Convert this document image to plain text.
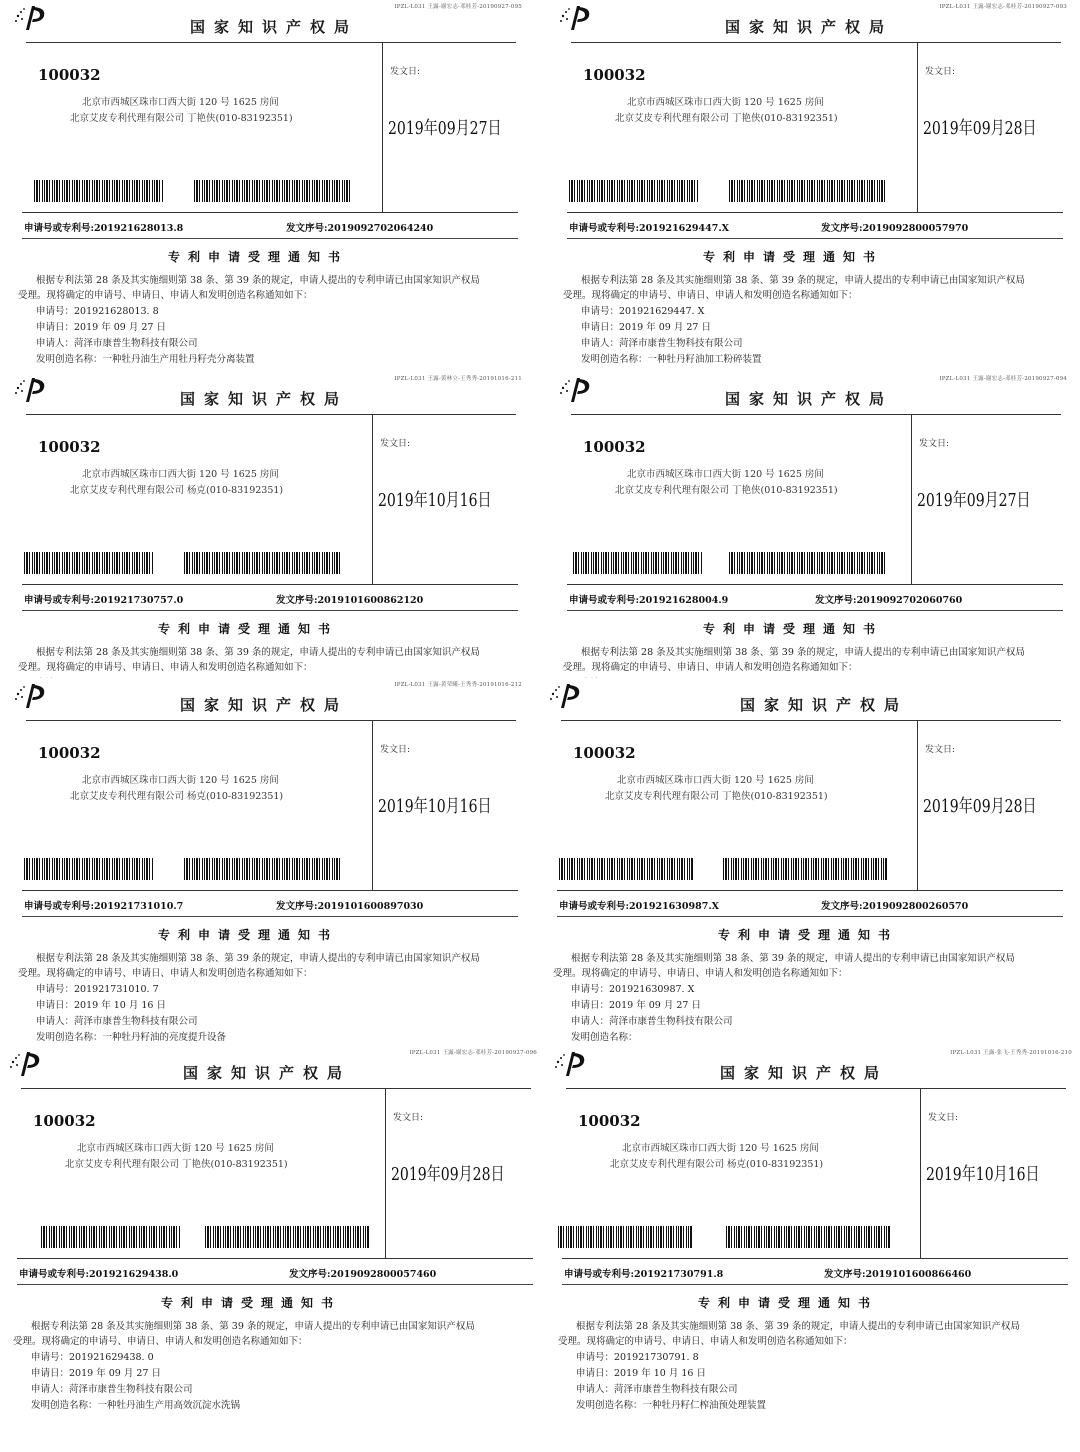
IPZL-L031 王露-谢宏志-邓桂芳-20190927-095
国家知识产权局
100032
北京市西城区珠市口西大街 120 号 1625 房间
北京艾皮专利代理有限公司 丁艳侠(010-83192351)
发文日:
2019年09月27日
申请号或专利号:201921628013.8	发文序号:2019092702064240
专利申请受理通知书
根据专利法第 28 条及其实施细则第 38 条、第 39 条的规定，申请人提出的专利申请已由国家知识产权局
受理。现将确定的申请号、申请日、申请人和发明创造名称通知如下：
申请号：201921628013. 8
申请日：2019 年 09 月 27 日
申请人：菏泽市康普生物科技有限公司
发明创造名称：一种牡丹油生产用牡丹籽壳分离装置
IPZL-L031 王露-谢宏志-邓桂芳-20190927-093
国家知识产权局
100032
北京市西城区珠市口西大街 120 号 1625 房间
北京艾皮专利代理有限公司 丁艳侠(010-83192351)
发文日:
2019年09月28日
申请号或专利号:201921629447.X	发文序号:2019092800057970
专利申请受理通知书
根据专利法第 28 条及其实施细则第 38 条、第 39 条的规定，申请人提出的专利申请已由国家知识产权局
受理。现将确定的申请号、申请日、申请人和发明创造名称通知如下：
申请号：201921629447. X
申请日：2019 年 09 月 27 日
申请人：菏泽市康普生物科技有限公司
发明创造名称：一种牡丹籽油加工粉碎装置
IPZL-L031 王露-黄林立-王秀秀-20191016-211
国家知识产权局
100032
北京市西城区珠市口西大街 120 号 1625 房间
北京艾皮专利代理有限公司 杨克(010-83192351)
发文日:
2019年10月16日
申请号或专利号:201921730757.0	发文序号:2019101600862120
专利申请受理通知书
根据专利法第 28 条及其实施细则第 38 条、第 39 条的规定，申请人提出的专利申请已由国家知识产权局
受理。现将确定的申请号、申请日、申请人和发明创造名称通知如下：
IPZL-L031 王露-谢宏志-邓桂芳-20190927-094
国家知识产权局
100032
北京市西城区珠市口西大街 120 号 1625 房间
北京艾皮专利代理有限公司 丁艳侠(010-83192351)
发文日:
2019年09月27日
申请号或专利号:201921628004.9	发文序号:2019092702060760
专利申请受理通知书
根据专利法第 28 条及其实施细则第 38 条、第 39 条的规定，申请人提出的专利申请已由国家知识产权局
受理。现将确定的申请号、申请日、申请人和发明创造名称通知如下：
IPZL-L031 王露-黄荣曦-王秀秀-20191016-212
国家知识产权局
100032
北京市西城区珠市口西大街 120 号 1625 房间
北京艾皮专利代理有限公司 杨克(010-83192351)
发文日:
2019年10月16日
申请号或专利号:201921731010.7	发文序号:2019101600897030
专利申请受理通知书
根据专利法第 28 条及其实施细则第 38 条、第 39 条的规定，申请人提出的专利申请已由国家知识产权局
受理。现将确定的申请号、申请日、申请人和发明创造名称通知如下：
申请号：201921731010. 7
申请日：2019 年 10 月 16 日
申请人：菏泽市康普生物科技有限公司
发明创造名称：一种牡丹籽油的亮度提升设备
国家知识产权局
100032
北京市西城区珠市口西大街 120 号 1625 房间
北京艾皮专利代理有限公司 丁艳侠(010-83192351)
发文日:
2019年09月28日
申请号或专利号:201921630987.X	发文序号:2019092800260570
专利申请受理通知书
根据专利法第 28 条及其实施细则第 38 条、第 39 条的规定，申请人提出的专利申请已由国家知识产权局
受理。现将确定的申请号、申请日、申请人和发明创造名称通知如下：
申请号：201921630987. X
申请日：2019 年 09 月 27 日
申请人：菏泽市康普生物科技有限公司
发明创造名称：
IPZL-L031 王露-谢宏志-邓桂芳-20190927-096
国家知识产权局
100032
北京市西城区珠市口西大街 120 号 1625 房间
北京艾皮专利代理有限公司 丁艳侠(010-83192351)
发文日:
2019年09月28日
申请号或专利号:201921629438.0	发文序号:2019092800057460
专利申请受理通知书
根据专利法第 28 条及其实施细则第 38 条、第 39 条的规定，申请人提出的专利申请已由国家知识产权局
受理。现将确定的申请号、申请日、申请人和发明创造名称通知如下：
申请号：201921629438. 0
申请日：2019 年 09 月 27 日
申请人：菏泽市康普生物科技有限公司
发明创造名称：一种牡丹油生产用高效沉淀水洗锅
IPZL-L031 王露-张飞-王秀秀-20191016-210
国家知识产权局
100032
北京市西城区珠市口西大街 120 号 1625 房间
北京艾皮专利代理有限公司 杨克(010-83192351)
发文日:
2019年10月16日
申请号或专利号:201921730791.8	发文序号:2019101600866460
专利申请受理通知书
根据专利法第 28 条及其实施细则第 38 条、第 39 条的规定，申请人提出的专利申请已由国家知识产权局
受理。现将确定的申请号、申请日、申请人和发明创造名称通知如下：
申请号：201921730791. 8
申请日：2019 年 10 月 16 日
申请人：菏泽市康普生物科技有限公司
发明创造名称：一种牡丹籽仁榨油预处理装置
